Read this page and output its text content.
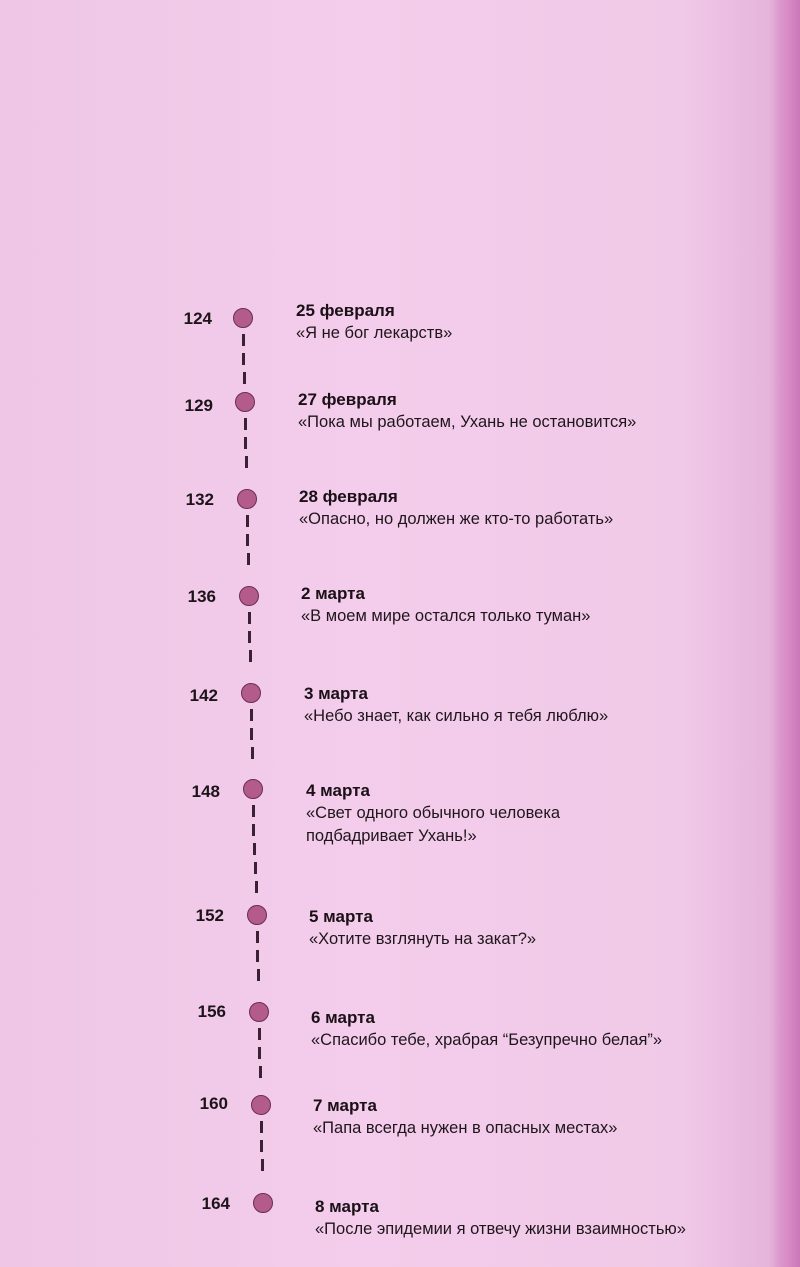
124	25 февраля
«Я не бог лекарств»
129	27 февраля
«Пока мы работаем, Ухань не остановится»
132	28 февраля
«Опасно, но должен же кто-то работать»
136	2 марта
«В моем мире остался только туман»
142	3 марта
«Небо знает, как сильно я тебя люблю»
148	4 марта
«Свет одного обычного человека подбадривает Ухань!»
152	5 марта
«Хотите взглянуть на закат?»
156	6 марта
«Спасибо тебе, храбрая “Безупречно белая”»
160	7 марта
«Папа всегда нужен в опасных местах»
164	8 марта
«После эпидемии я отвечу жизни взаимностью»
